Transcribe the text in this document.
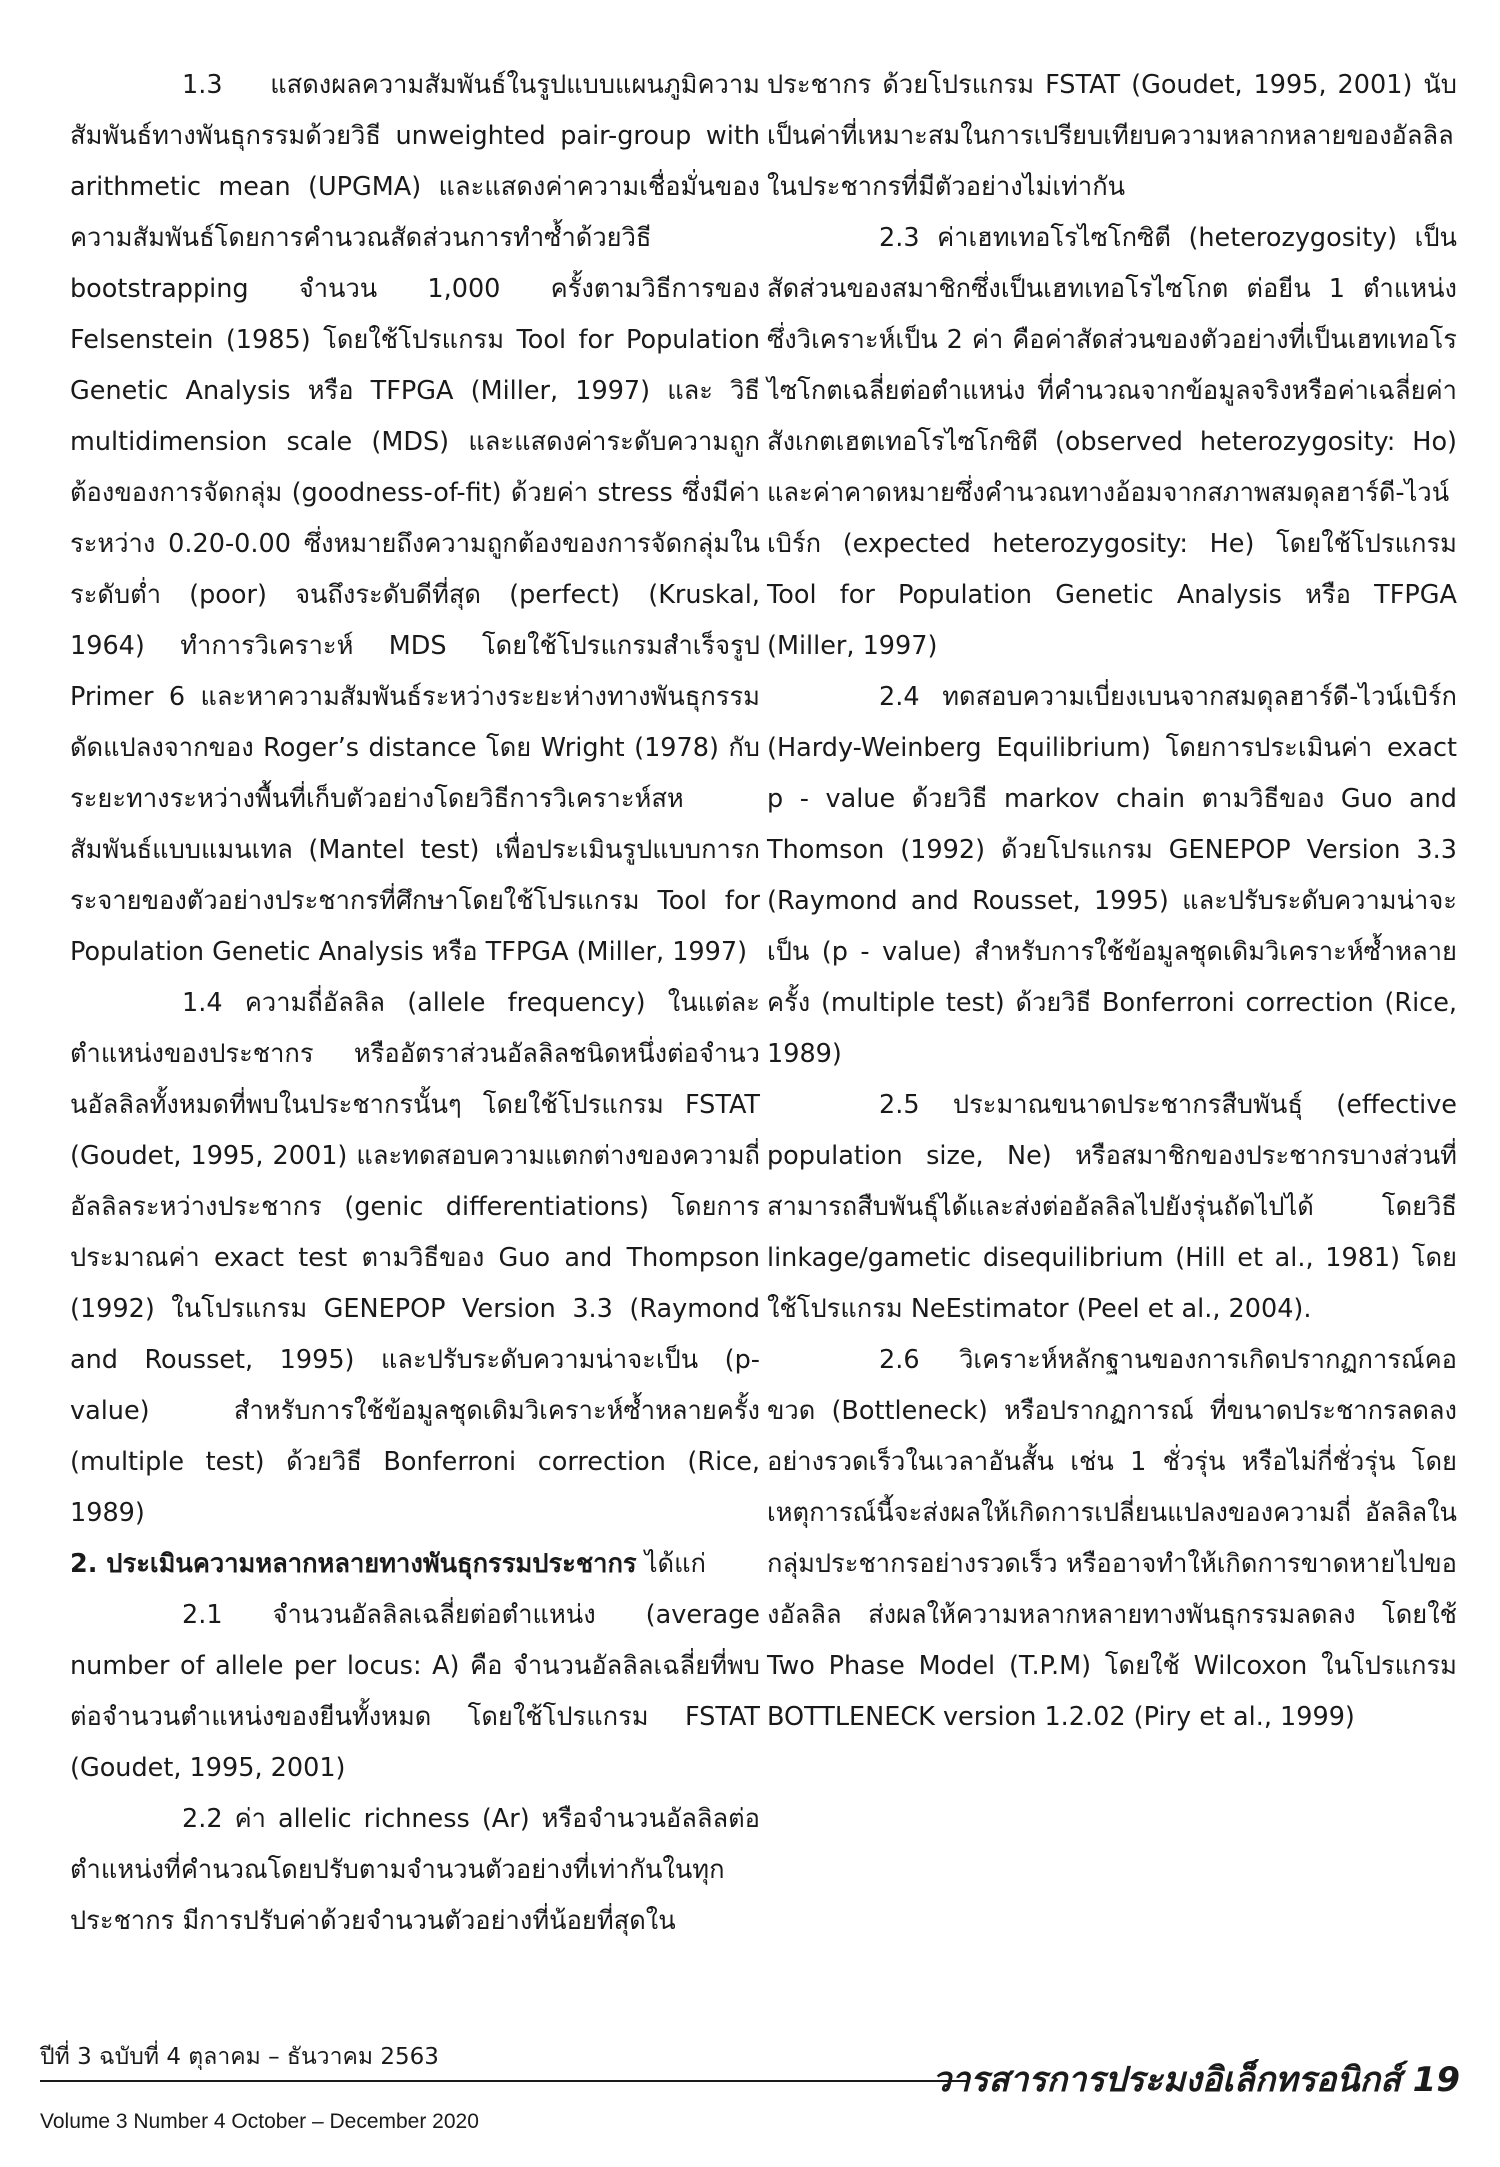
1.3 แสดงผลความสัมพันธ์ในรูปแบบแผนภูมิความสัมพันธ์ทางพันธุกรรมด้วยวิธี unweighted pair-group with arithmetic mean (UPGMA) และแสดงค่าความเชื่อมั่นของความสัมพันธ์โดยการคำนวณสัดส่วนการทำซ้ำด้วยวิธี bootstrapping จำนวน 1,000 ครั้งตามวิธีการของ Felsenstein (1985) โดยใช้โปรแกรม Tool for Population Genetic Analysis หรือ TFPGA (Miller, 1997) และ วิธี multidimension scale (MDS) และแสดงค่าระดับความถูกต้องของการจัดกลุ่ม (goodness-of-fit) ด้วยค่า stress ซึ่งมีค่าระหว่าง 0.20-0.00 ซึ่งหมายถึงความถูกต้องของการจัดกลุ่มในระดับต่ำ (poor) จนถึงระดับดีที่สุด (perfect) (Kruskal, 1964) ทำการวิเคราะห์ MDS โดยใช้โปรแกรมสำเร็จรูป Primer 6 และหาความสัมพันธ์ระหว่างระยะห่างทางพันธุกรรมดัดแปลงจากของ Roger’s distance โดย Wright (1978) กับระยะทางระหว่างพื้นที่เก็บตัวอย่างโดยวิธีการวิเคราะห์สหสัมพันธ์แบบแมนเทล (Mantel test) เพื่อประเมินรูปแบบการกระจายของตัวอย่างประชากรที่ศึกษาโดยใช้โปรแกรม Tool for Population Genetic Analysis หรือ TFPGA (Miller, 1997)

1.4 ความถี่อัลลิล (allele frequency) ในแต่ละตำแหน่งของประชากร หรืออัตราส่วนอัลลิลชนิดหนึ่งต่อจำนวนอัลลิลทั้งหมดที่พบในประชากรนั้นๆ โดยใช้โปรแกรม FSTAT (Goudet, 1995, 2001) และทดสอบความแตกต่างของความถี่อัลลิลระหว่างประชากร (genic differentiations) โดยการประมาณค่า exact test ตามวิธีของ Guo and Thompson (1992) ในโปรแกรม GENEPOP Version 3.3 (Raymond and Rousset, 1995) และปรับระดับความน่าจะเป็น (p-value) สำหรับการใช้ข้อมูลชุดเดิมวิเคราะห์ซ้ำหลายครั้ง (multiple test) ด้วยวิธี Bonferroni correction (Rice, 1989)

2. ประเมินความหลากหลายทางพันธุกรรมประชากร ได้แก่

2.1 จำนวนอัลลิลเฉลี่ยต่อตำแหน่ง (average number of allele per locus: A) คือ จำนวนอัลลิลเฉลี่ยที่พบต่อจำนวนตำแหน่งของยีนทั้งหมด โดยใช้โปรแกรม FSTAT (Goudet, 1995, 2001)

2.2 ค่า allelic richness (Ar) หรือจำนวนอัลลิลต่อตำแหน่งที่คำนวณโดยปรับตามจำนวนตัวอย่างที่เท่ากันในทุกประชากร มีการปรับค่าด้วยจำนวนตัวอย่างที่น้อยที่สุดใน

ประชากร ด้วยโปรแกรม FSTAT (Goudet, 1995, 2001) นับเป็นค่าที่เหมาะสมในการเปรียบเทียบความหลากหลายของอัลลิลในประชากรที่มีตัวอย่างไม่เท่ากัน

2.3 ค่าเฮทเทอโรไซโกซิตี (heterozygosity) เป็นสัดส่วนของสมาชิกซึ่งเป็นเฮทเทอโรไซโกต ต่อยีน 1 ตำแหน่ง ซึ่งวิเคราะห์เป็น 2 ค่า คือค่าสัดส่วนของตัวอย่างที่เป็นเฮทเทอโรไซโกตเฉลี่ยต่อตำแหน่ง ที่คำนวณจากข้อมูลจริงหรือค่าเฉลี่ยค่าสังเกตเฮตเทอโรไซโกซิตี (observed heterozygosity: Ho) และค่าคาดหมายซึ่งคำนวณทางอ้อมจากสภาพสมดุลฮาร์ดี-ไวน์เบิร์ก (expected heterozygosity: He) โดยใช้โปรแกรม Tool for Population Genetic Analysis หรือ TFPGA (Miller, 1997)

2.4 ทดสอบความเบี่ยงเบนจากสมดุลฮาร์ดี-ไวน์เบิร์ก (Hardy-Weinberg Equilibrium) โดยการประเมินค่า exact p - value ด้วยวิธี markov chain ตามวิธีของ Guo and Thomson (1992) ด้วยโปรแกรม GENEPOP Version 3.3 (Raymond and Rousset, 1995) และปรับระดับความน่าจะเป็น (p - value) สำหรับการใช้ข้อมูลชุดเดิมวิเคราะห์ซ้ำหลายครั้ง (multiple test) ด้วยวิธี Bonferroni correction (Rice, 1989)

2.5 ประมาณขนาดประชากรสืบพันธุ์ (effective population size, Ne) หรือสมาชิกของประชากรบางส่วนที่สามารถสืบพันธุ์ได้และส่งต่ออัลลิลไปยังรุ่นถัดไปได้ โดยวิธี linkage/gametic disequilibrium (Hill et al., 1981) โดยใช้โปรแกรม NeEstimator (Peel et al., 2004).

2.6 วิเคราะห์หลักฐานของการเกิดปรากฏการณ์คอขวด (Bottleneck) หรือปรากฏการณ์ ที่ขนาดประชากรลดลงอย่างรวดเร็วในเวลาอันสั้น เช่น 1 ชั่วรุ่น หรือไม่กี่ชั่วรุ่น โดยเหตุการณ์นี้จะส่งผลให้เกิดการเปลี่ยนแปลงของความถี่ อัลลิลในกลุ่มประชากรอย่างรวดเร็ว หรืออาจทำให้เกิดการขาดหายไปของอัลลิล ส่งผลให้ความหลากหลายทางพันธุกรรมลดลง โดยใช้ Two Phase Model (T.P.M) โดยใช้ Wilcoxon ในโปรแกรม BOTTLENECK version 1.2.02 (Piry et al., 1999)

ปีที่ 3 ฉบับที่ 4 ตุลาคม – ธันวาคม 2563
Volume 3 Number 4 October – December 2020
วารสารการประมงอิเล็กทรอนิกส์ 19
